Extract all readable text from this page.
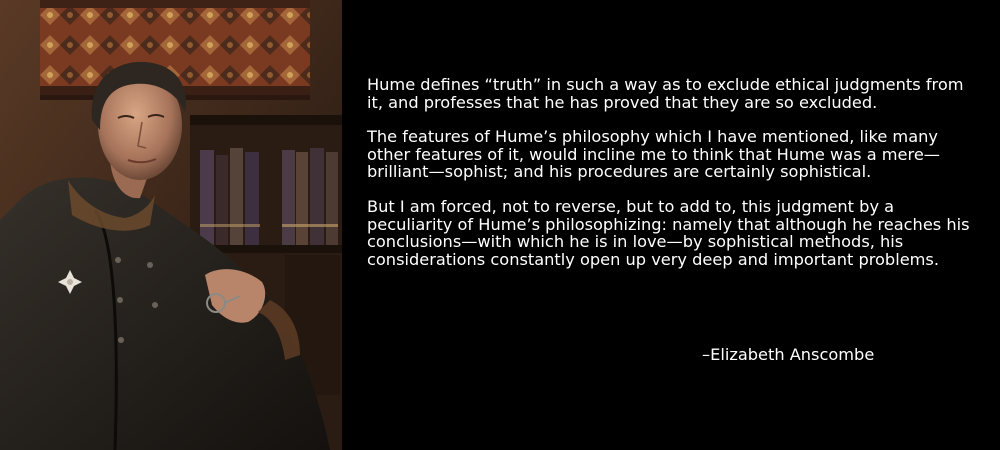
Hume defines “truth” in such a way as to exclude ethical judgments from it, and professes that he has proved that they are so excluded.

The features of Hume’s philosophy which I have mentioned, like many other features of it, would incline me to think that Hume was a mere—brilliant—sophist; and his procedures are certainly sophistical.

But I am forced, not to reverse, but to add to, this judgment by a peculiarity of Hume’s philosophizing: namely that although he reaches his conclusions—with which he is in love—by sophistical methods, his considerations constantly open up very deep and important problems.

–Elizabeth Anscombe
